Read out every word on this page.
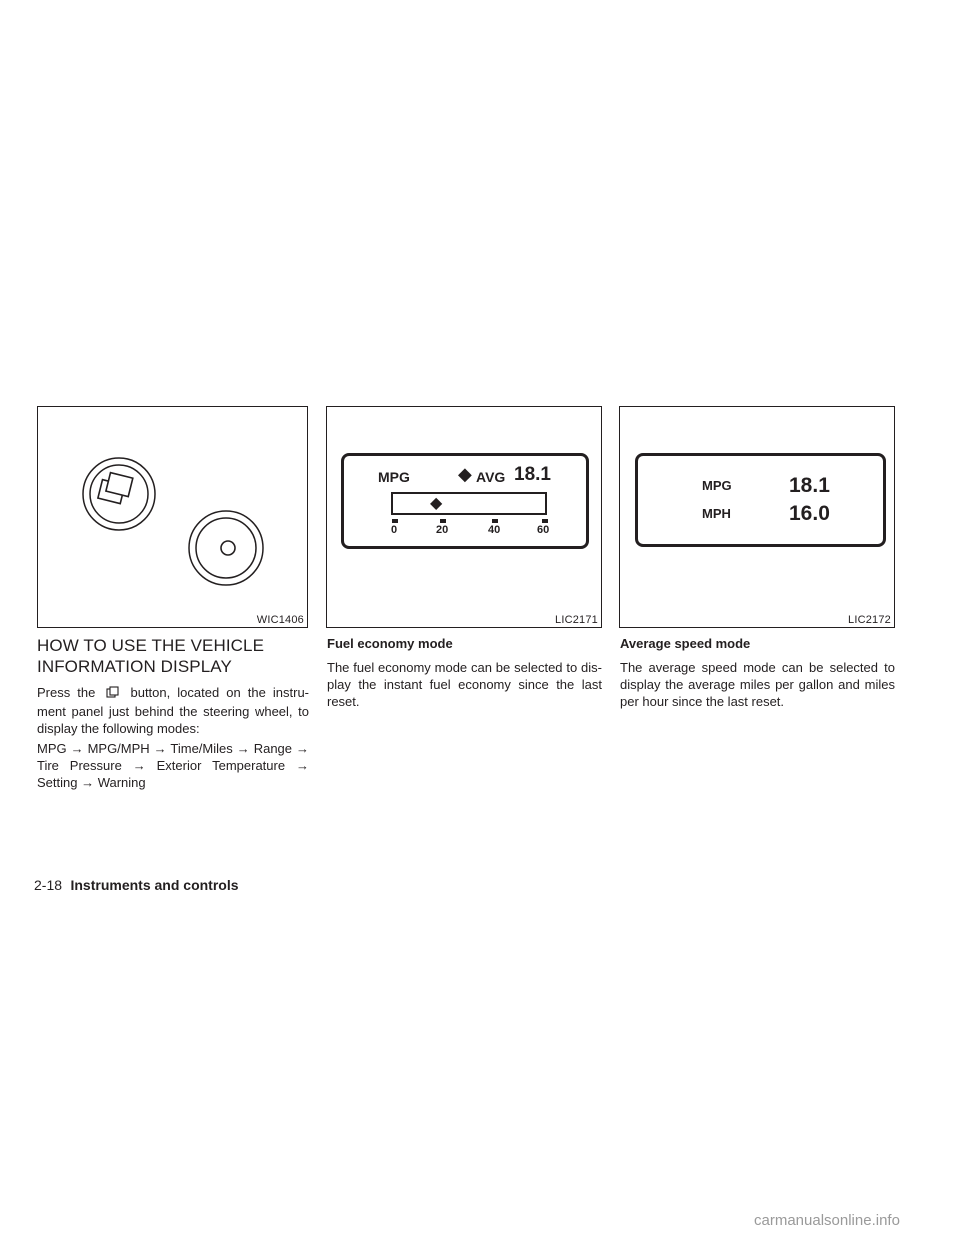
WIC1406
MPG	◆ AVG 18.1
◆
0	20	40	60
LIC2171
MPG	18.1
MPH	16.0
LIC2172
HOW TO USE THE VEHICLE
INFORMATION DISPLAY
Press the	button, located on the instru-
ment panel just behind the steering wheel, to display the following modes:
MPG → MPG/MPH → Time/Miles → Range → Tire Pressure → Exterior Temperature → Setting → Warning
Fuel economy mode
The fuel economy mode can be selected to dis- play the instant fuel economy since the last reset.
Average speed mode
The average speed mode can be selected to display the average miles per gallon and miles per hour since the last reset.
2-18 Instruments and controls
carmanualsonline.info
